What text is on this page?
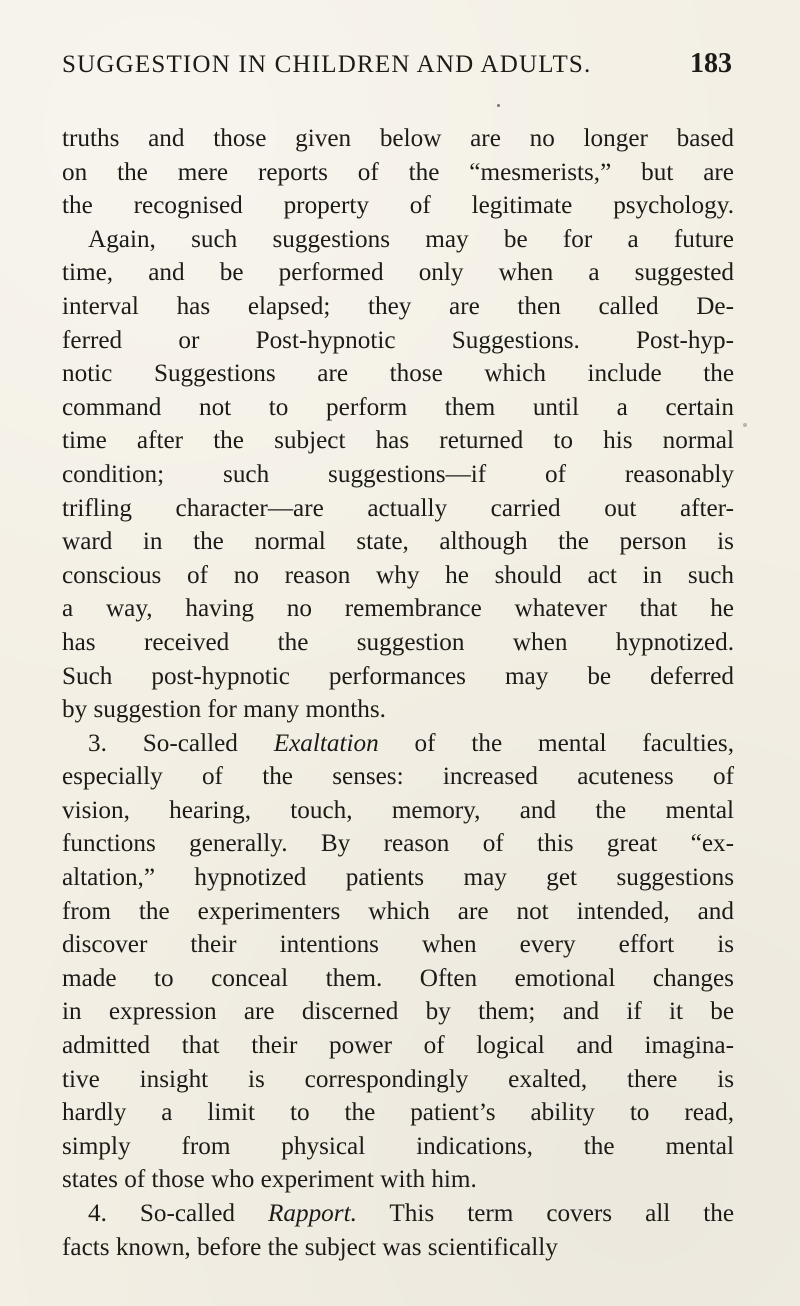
SUGGESTION IN CHILDREN AND ADULTS.	183
truths and those given below are no longer based
on the mere reports of the “mesmerists,” but are
the recognised property of legitimate psychology.
Again, such suggestions may be for a future
time, and be performed only when a suggested
interval has elapsed; they are then called De-
ferred or Post-hypnotic Suggestions. Post-hyp-
notic Suggestions are those which include the
command not to perform them until a certain
time after the subject has returned to his normal
condition; such suggestions—if of reasonably
trifling character—are actually carried out after-
ward in the normal state, although the person is
conscious of no reason why he should act in such
a way, having no remembrance whatever that he
has received the suggestion when hypnotized.
Such post-hypnotic performances may be deferred
by suggestion for many months.
3. So-called Exaltation of the mental faculties,
especially of the senses: increased acuteness of
vision, hearing, touch, memory, and the mental
functions generally. By reason of this great “ex-
altation,” hypnotized patients may get suggestions
from the experimenters which are not intended, and
discover their intentions when every effort is
made to conceal them. Often emotional changes
in expression are discerned by them; and if it be
admitted that their power of logical and imagina-
tive insight is correspondingly exalted, there is
hardly a limit to the patient’s ability to read,
simply from physical indications, the mental
states of those who experiment with him.
4. So-called Rapport. This term covers all the
facts known, before the subject was scientifically
